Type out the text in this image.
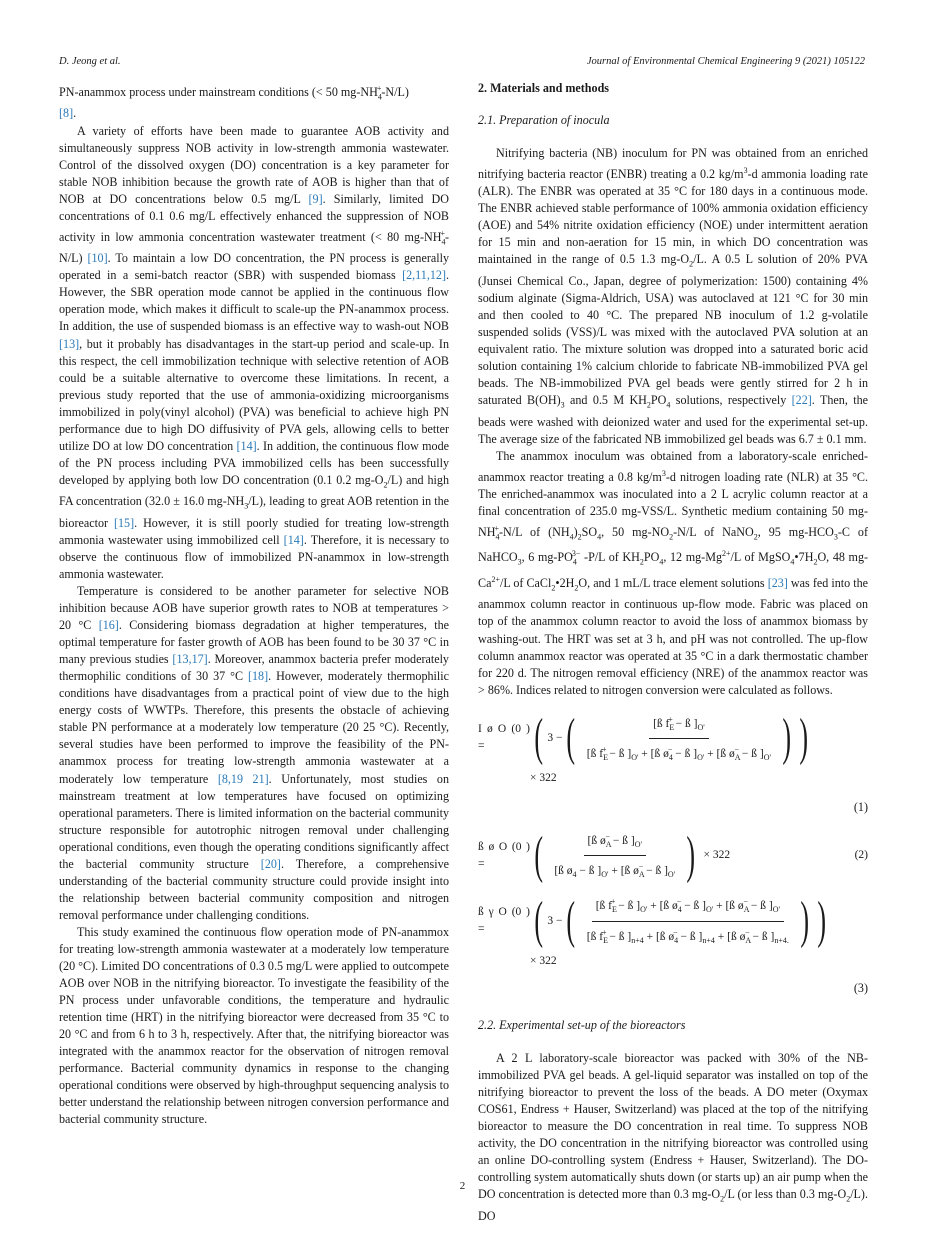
D. Jeong et al.	Journal of Environmental Chemical Engineering 9 (2021) 105122

PN-anammox process under mainstream conditions (< 50 $mg-NH_4^+-N/L$)
[8].

A variety of efforts have been made to guarantee AOB activity and simultaneously suppress NOB activity in low-strength ammonia wastewater. Control of the dissolved oxygen (DO) concentration is a key parameter for stable NOB inhibition because the growth rate of AOB is higher than that of NOB at DO concentrations below 0.5 mg/L [9]. Similarly, limited DO concentrations of 0.1 0.6 mg/L effectively enhanced the suppression of NOB activity in low ammonia concentration wastewater treatment (< 80 $mg-NH_4^+-N/L$) [10]. To maintain a low DO concentration, the PN process is generally operated in a semi-batch reactor (SBR) with suspended biomass [2,11,12]. However, the SBR operation mode cannot be applied in the continuous flow operation mode, which makes it difficult to scale-up the PN-anammox process. In addition, the use of suspended biomass is an effective way to wash-out NOB [13], but it probably has disadvantages in the start-up period and scale-up. In this respect, the cell immobilization technique with selective retention of AOB could be a suitable alternative to overcome these limitations. In recent, a previous study reported that the use of ammonia-oxidizing microorganisms immobilized in poly(vinyl alcohol) (PVA) was beneficial to achieve high PN performance due to high DO diffusivity of PVA gels, allowing cells to better utilize DO at low DO concentration [14]. In addition, the continuous flow mode of the PN process including PVA immobilized cells has been successfully developed by applying both low DO concentration (0.1 0.2 $mg-O_2/L$) and high FA concentration (32.0 ± 16.0 $mg-NH_3/L$), leading to great AOB retention in the bioreactor [15]. However, it is still poorly studied for treating low-strength ammonia wastewater using immobilized cell [14]. Therefore, it is necessary to observe the continuous flow of immobilized PN-anammox in low-strength ammonia wastewater.

Temperature is considered to be another parameter for selective NOB inhibition because AOB have superior growth rates to NOB at temperatures > 20 °C [16]. Considering biomass degradation at higher temperatures, the optimal temperature for faster growth of AOB has been found to be 30 37 °C in many previous studies [13,17]. Moreover, anammox bacteria prefer moderately thermophilic conditions of 30 37 °C [18]. However, moderately thermophilic conditions have disadvantages from a practical point of view due to the high energy costs of WWTPs. Therefore, this presents the obstacle of achieving stable PN performance at a moderately low temperature (20 25 °C). Recently, several studies have been performed to improve the feasibility of the PN-anammox process for treating low-strength ammonia wastewater at a moderately low temperature [8,19 21]. Unfortunately, most studies on mainstream treatment at low temperatures have focused on optimizing operational parameters. There is limited information on the bacterial community structure responsible for autotrophic nitrogen removal under challenging operational conditions, even though the operating conditions significantly affect the bacterial community structure [20]. Therefore, a comprehensive understanding of the bacterial community structure could provide insight into the relationship between bacterial community composition and nitrogen removal performance under challenging conditions.

This study examined the continuous flow operation mode of PN-anammox for treating low-strength ammonia wastewater at a moderately low temperature (20 °C). Limited DO concentrations of 0.3 0.5 mg/L were applied to outcompete AOB over NOB in the nitrifying bioreactor. To investigate the feasibility of the PN process under unfavorable conditions, the temperature and hydraulic retention time (HRT) in the nitrifying bioreactor were decreased from 35 °C to 20 °C and from 6 h to 3 h, respectively. After that, the nitrifying bioreactor was integrated with the anammox reactor for the observation of nitrogen removal performance. Bacterial community dynamics in response to the changing operational conditions were observed by high-throughput sequencing analysis to better understand the relationship between nitrogen conversion performance and bacterial community structure.

2. Materials and methods
2.1. Preparation of inocula

Nitrifying bacteria (NB) inoculum for PN was obtained from an enriched nitrifying bacteria reactor (ENBR) treating a 0.2 $kg/m^3-d$ ammonia loading rate (ALR). The ENBR was operated at 35 °C for 180 days in a continuous mode. The ENBR achieved stable performance of 100% ammonia oxidation efficiency (AOE) and 54% nitrite oxidation efficiency (NOE) under intermittent aeration for 15 min and non-aeration for 15 min, in which DO concentration was maintained in the range of 0.5 1.3 $mg-O_2/L$. A 0.5 L solution of 20% PVA (Junsei Chemical Co., Japan, degree of polymerization: 1500) containing 4% sodium alginate (Sigma-Aldrich, USA) was autoclaved at 121 °C for 30 min and then cooled to 40 °C. The prepared NB inoculum of 1.2 g-volatile suspended solids (VSS)/L was mixed with the autoclaved PVA solution at an equivalent ratio. The mixture solution was dropped into a saturated boric acid solution containing 1% calcium chloride to fabricate NB-immobilized PVA gel beads. The NB-immobilized PVA gel beads were gently stirred for 2 h in saturated $B(OH)_3$ and 0.5 M $KH_2PO_4$ solutions, respectively [22]. Then, the beads were washed with deionized water and used for the experimental set-up. The average size of the fabricated NB immobilized gel beads was 6.7 ± 0.1 mm.

The anammox inoculum was obtained from a laboratory-scale enriched-anammox reactor treating a 0.8 $kg/m^3-d$ nitrogen loading rate (NLR) at 35 °C. The enriched-anammox was inoculated into a 2 L acrylic column reactor at a final concentration of 235.0 mg-VSS/L. Synthetic medium containing 50 $mg-NH_4^+-N/L$ of $(NH_4)_2SO_4$, 50 $mg-NO_2-N/L$ of NaNO$_2$, 95 $mg-HCO_3-C$ of NaHCO$_3$, 6 $mg-PO_4^{3-}$ -P/L of $KH_2PO_4$, 12 $mg-Mg^{2+}/L$ of $MgSO_4•7H_2O$, 48 $mg-Ca^{2+}/L$ of $CaCl_2•2H_2O$, and 1 mL/L trace element solutions [23] was fed into the anammox column reactor in continuous up-flow mode. Fabric was placed on top of the anammox column reactor to avoid the loss of anammox biomass by washing-out. The HRT was set at 3 h, and pH was not controlled. The up-flow column anammox reactor was operated at 35 °C in a dark thermostatic chamber for 220 d. The nitrogen removal efficiency (NRE) of the anammox reactor was > 86%. Indices related to nitrogen conversion were calculated as follows.

I ø O (0 ) = ( 3 − ( $\frac{[ß f_E^+ - ß ]_{O'}}{[ß f_E^+ - ß ]_{O'} + [ß ø_4^- - ß ]_{O'} + [ß ø_A^- - ß ]_{O'}}$ ) )
× 322
(1)
ß ø O (0 ) = ( $\frac{[ß ø_A^- - ß ]_{O'}}{[ß ø_4 - ß ]_{O'} + [ß ø_A^- - ß ]_{O'}}$ ) × 322	(2)
ß γ O (0 ) = ( 3 − ( $\frac{[ß f_E^+ - ß ]_{O'} + [ß ø_4^- - ß ]_{O'} + [ß ø_A^- - ß ]_{O'}}{[ß f_E^+ - ß ]_{n+4} + [ß ø_4^- - ß ]_{n+4} + [ß ø_A^- - ß ]_{n+4.}}$ ) )
× 322
(3)
2.2. Experimental set-up of the bioreactors

A 2 L laboratory-scale bioreactor was packed with 30% of the NB-immobilized PVA gel beads. A gel-liquid separator was installed on top of the nitrifying bioreactor to prevent the loss of the beads. A DO meter (Oxymax COS61, Endress + Hauser, Switzerland) was placed at the top of the nitrifying bioreactor to measure the DO concentration in real time. To suppress NOB activity, the DO concentration in the nitrifying bioreactor was controlled using an online DO-controlling system (Endress + Hauser, Switzerland). The DO-controlling system automatically shuts down (or starts up) an air pump when the DO concentration is detected more than 0.3 $mg-O_2/L$ (or less than 0.3 $mg-O_2/L$). DO

2
